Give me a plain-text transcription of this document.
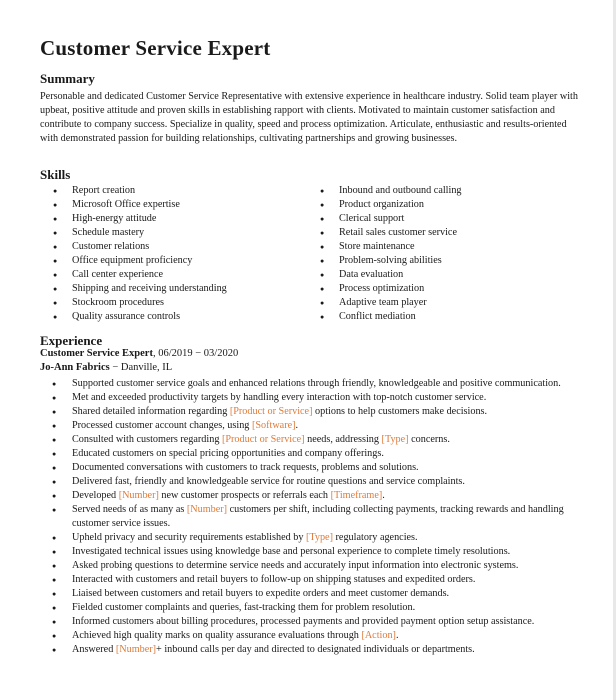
Customer Service Expert
Summary
Personable and dedicated Customer Service Representative with extensive experience in healthcare industry. Solid team player with upbeat, positive attitude and proven skills in establishing rapport with clients. Motivated to maintain customer satisfaction and contribute to company success. Specialize in quality, speed and process optimization. Articulate, enthusiastic and results-oriented with demonstrated passion for building relationships, cultivating partnerships and growing businesses.
Skills
● Report creation
● Microsoft Office expertise
● High-energy attitude
● Schedule mastery
● Customer relations
● Office equipment proficiency
● Call center experience
● Shipping and receiving understanding
● Stockroom procedures
● Quality assurance controls
● Inbound and outbound calling
● Product organization
● Clerical support
● Retail sales customer service
● Store maintenance
● Problem-solving abilities
● Data evaluation
● Process optimization
● Adaptive team player
● Conflict mediation
Experience
Customer Service Expert, 06/2019 − 03/2020
Jo-Ann Fabrics − Danville, IL
● Supported customer service goals and enhanced relations through friendly, knowledgeable and positive communication.
● Met and exceeded productivity targets by handling every interaction with top-notch customer service.
● Shared detailed information regarding [Product or Service] options to help customers make decisions.
● Processed customer account changes, using [Software].
● Consulted with customers regarding [Product or Service] needs, addressing [Type] concerns.
● Educated customers on special pricing opportunities and company offerings.
● Documented conversations with customers to track requests, problems and solutions.
● Delivered fast, friendly and knowledgeable service for routine questions and service complaints.
● Developed [Number] new customer prospects or referrals each [Timeframe].
● Served needs of as many as [Number] customers per shift, including collecting payments, tracking rewards and handling customer service issues.
● Upheld privacy and security requirements established by [Type] regulatory agencies.
● Investigated technical issues using knowledge base and personal experience to complete timely resolutions.
● Asked probing questions to determine service needs and accurately input information into electronic systems.
● Interacted with customers and retail buyers to follow-up on shipping statuses and expedited orders.
● Liaised between customers and retail buyers to expedite orders and meet customer demands.
● Fielded customer complaints and queries, fast-tracking them for problem resolution.
● Informed customers about billing procedures, processed payments and provided payment option setup assistance.
● Achieved high quality marks on quality assurance evaluations through [Action].
● Answered [Number]+ inbound calls per day and directed to designated individuals or departments.
